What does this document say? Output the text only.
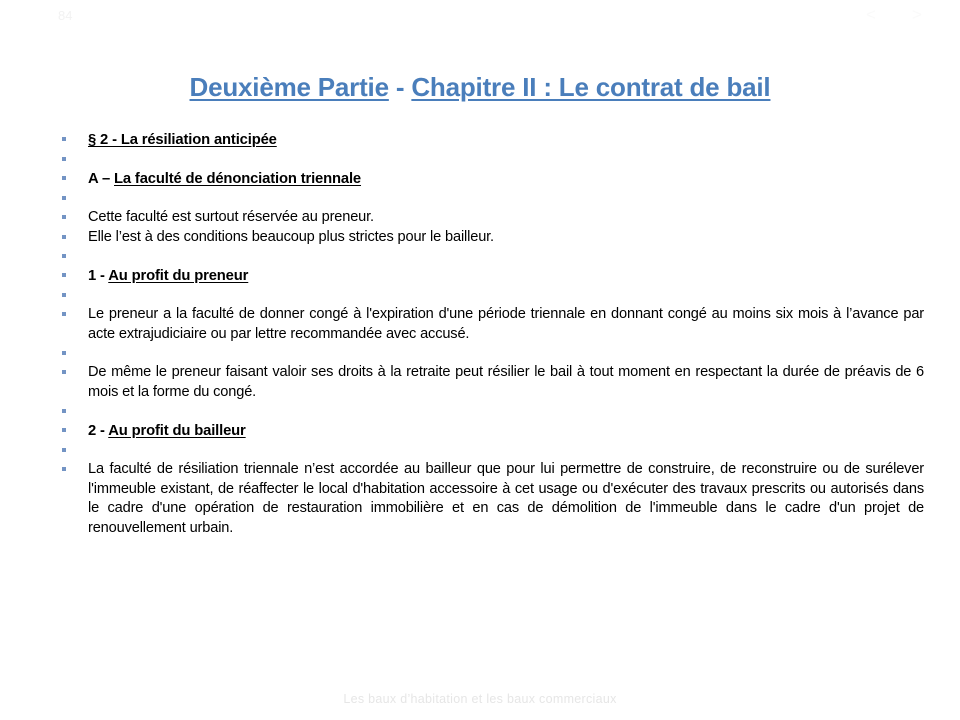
84	< >
Deuxième Partie - Chapitre II : Le contrat de bail
§ 2 - La résiliation anticipée

A – La faculté de dénonciation triennale

Cette faculté est surtout réservée au preneur.
Elle l’est à des conditions beaucoup plus strictes pour le bailleur.

1 - Au profit du preneur

Le preneur a la faculté de donner congé à l'expiration d'une période triennale en donnant congé au moins six mois à l’avance par acte extrajudiciaire ou par lettre recommandée avec accusé.

De même le preneur faisant valoir ses droits à la retraite peut résilier le bail à tout moment en respectant la durée de préavis de 6 mois et la forme du congé.

2 - Au profit du bailleur

La faculté de résiliation triennale n’est accordée au bailleur que pour lui permettre de construire, de reconstruire ou de surélever l'immeuble existant, de réaffecter le local d'habitation accessoire à cet usage ou d'exécuter des travaux prescrits ou autorisés dans le cadre d'une opération de restauration immobilière et en cas de démolition de l'immeuble dans le cadre d'un projet de renouvellement urbain.
Les baux d’habitation et les baux commerciaux
